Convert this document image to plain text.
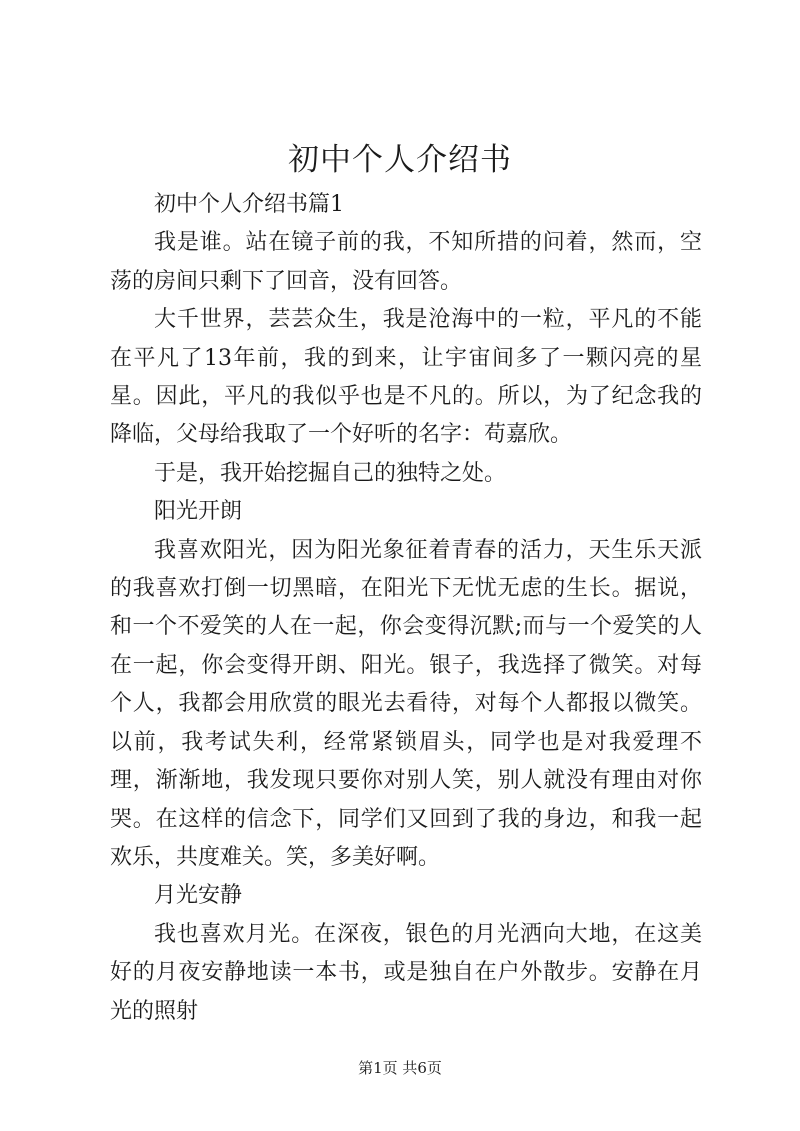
初中个人介绍书

初中个人介绍书篇1

我是谁。站在镜子前的我，不知所措的问着，然而，空荡的房间只剩下了回音，没有回答。

大千世界，芸芸众生，我是沧海中的一粒，平凡的不能在平凡了13年前，我的到来，让宇宙间多了一颗闪亮的星星。因此，平凡的我似乎也是不凡的。所以，为了纪念我的降临，父母给我取了一个好听的名字：苟嘉欣。

于是，我开始挖掘自己的独特之处。

阳光开朗

我喜欢阳光，因为阳光象征着青春的活力，天生乐天派的我喜欢打倒一切黑暗，在阳光下无忧无虑的生长。据说，和一个不爱笑的人在一起，你会变得沉默;而与一个爱笑的人在一起，你会变得开朗、阳光。银子，我选择了微笑。对每个人，我都会用欣赏的眼光去看待，对每个人都报以微笑。以前，我考试失利，经常紧锁眉头，同学也是对我爱理不理，渐渐地，我发现只要你对别人笑，别人就没有理由对你哭。在这样的信念下，同学们又回到了我的身边，和我一起欢乐，共度难关。笑，多美好啊。

月光安静

我也喜欢月光。在深夜，银色的月光洒向大地，在这美好的月夜安静地读一本书，或是独自在户外散步。安静在月光的照射

第1页 共6页
